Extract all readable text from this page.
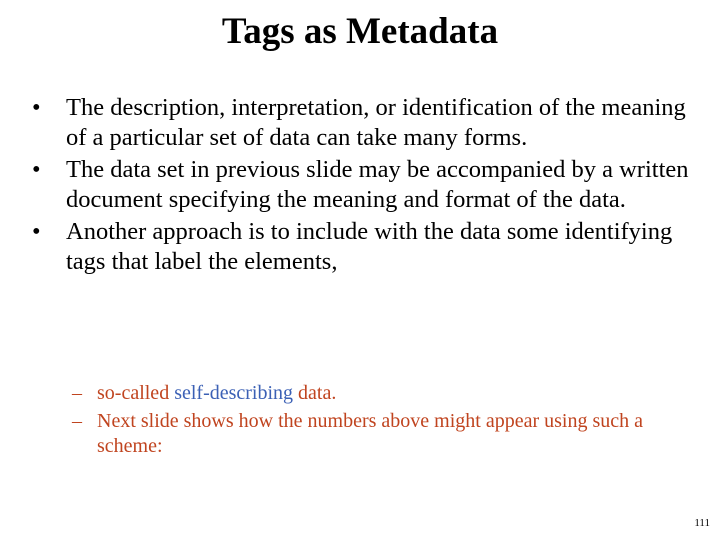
Tags as Metadata
• The description, interpretation, or identification of the meaning of a particular set of data can take many forms.
• The data set in previous slide may be accompanied by a written document specifying the meaning and format of the data.
• Another approach is to include with the data some identifying tags that label the elements,
– so-called self-describing data.
– Next slide shows how the numbers above might appear using such a scheme:
111
